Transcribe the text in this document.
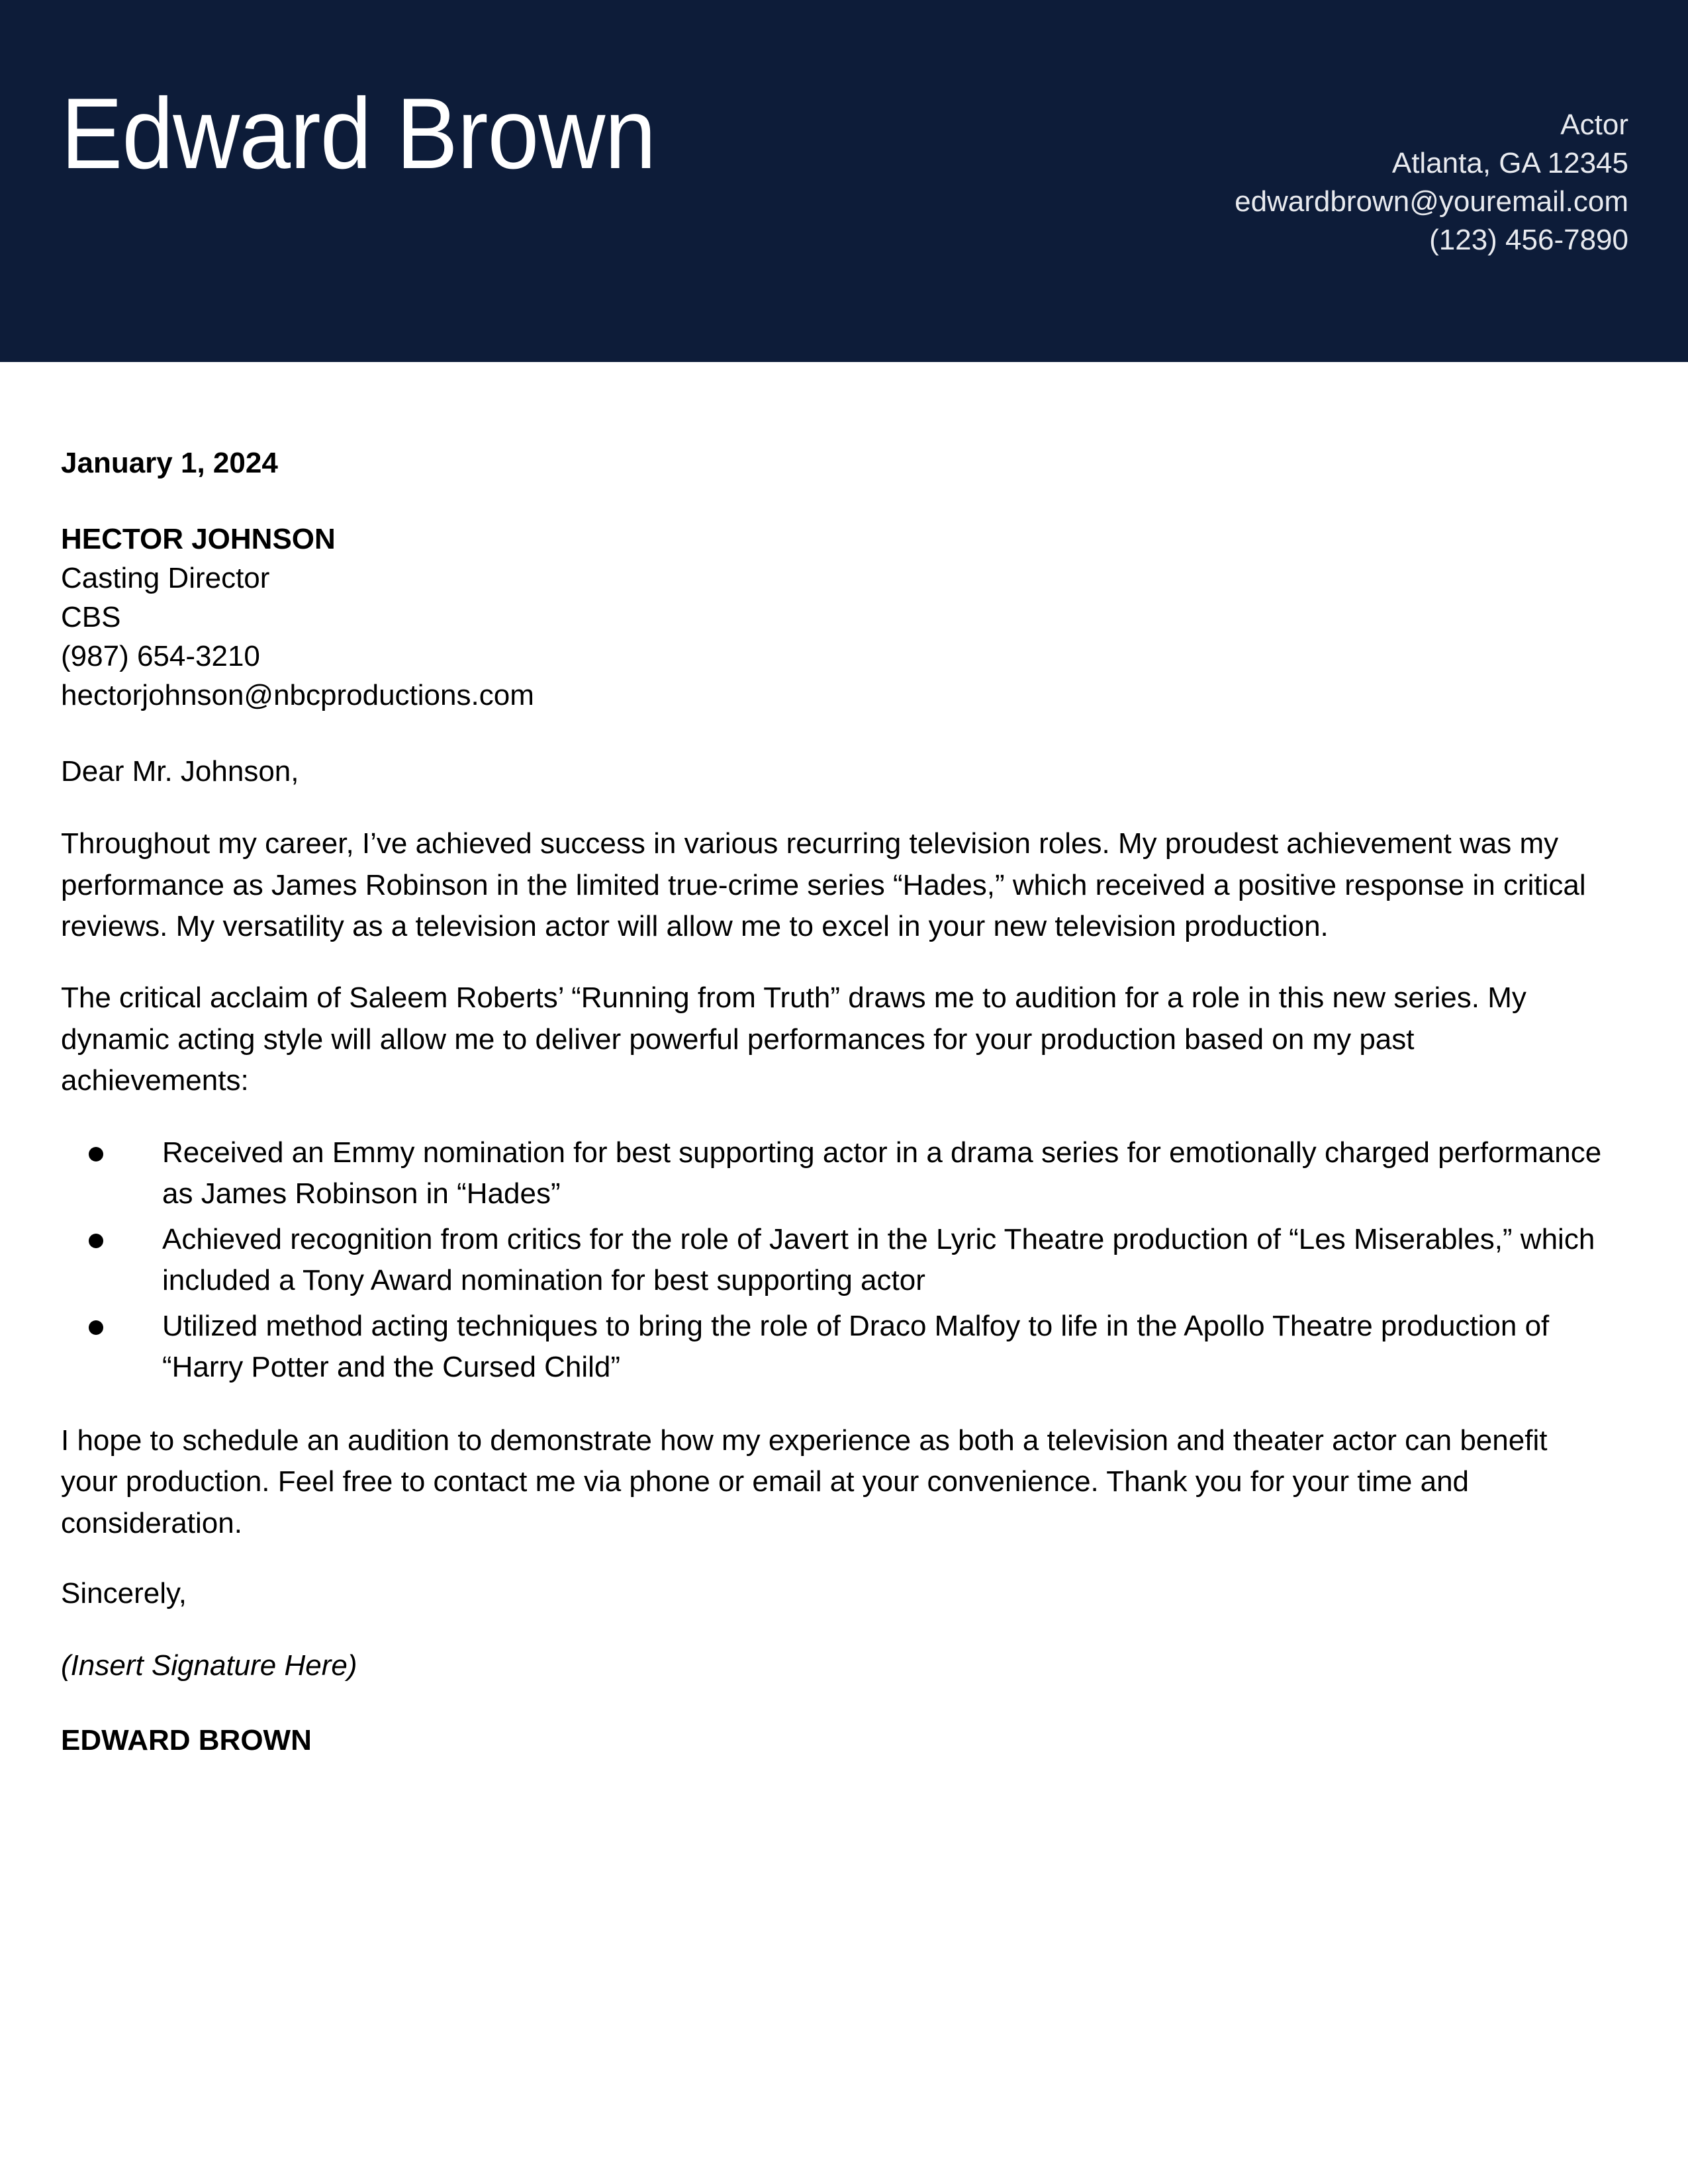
Edward Brown	Actor
Atlanta, GA 12345
edwardbrown@youremail.com
(123) 456-7890

January 1, 2024

HECTOR JOHNSON
Casting Director
CBS
(987) 654-3210
hectorjohnson@nbcproductions.com

Dear Mr. Johnson,

Throughout my career, I’ve achieved success in various recurring television roles. My proudest achievement was my performance as James Robinson in the limited true-crime series “Hades,” which received a positive response in critical reviews. My versatility as a television actor will allow me to excel in your new television production.

The critical acclaim of Saleem Roberts’ “Running from Truth” draws me to audition for a role in this new series. My dynamic acting style will allow me to deliver powerful performances for your production based on my past achievements:

Received an Emmy nomination for best supporting actor in a drama series for emotionally charged performance as James Robinson in “Hades”
Achieved recognition from critics for the role of Javert in the Lyric Theatre production of “Les Miserables,” which included a Tony Award nomination for best supporting actor
Utilized method acting techniques to bring the role of Draco Malfoy to life in the Apollo Theatre production of “Harry Potter and the Cursed Child”

I hope to schedule an audition to demonstrate how my experience as both a television and theater actor can benefit your production. Feel free to contact me via phone or email at your convenience. Thank you for your time and consideration.

Sincerely,

(Insert Signature Here)

EDWARD BROWN
